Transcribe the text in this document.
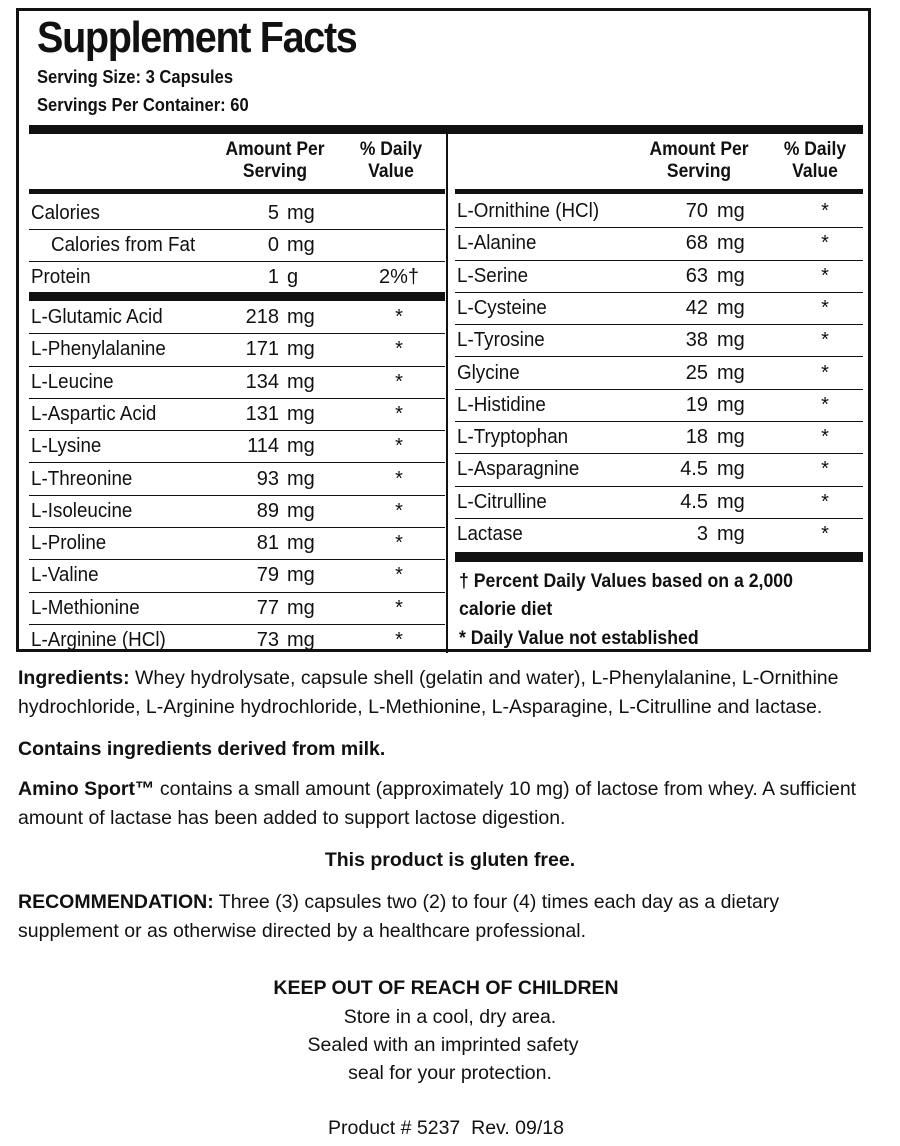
Supplement Facts
Serving Size: 3 Capsules
Servings Per Container: 60
Amount Per
Serving
% Daily
Value
Amount Per
Serving
% Daily
Value
Calories	5 mg
Calories from Fat	0 mg
Protein	1 g	2%†
L-Glutamic Acid	218 mg	*
L-Phenylalanine	171 mg	*
L-Leucine	134 mg	*
L-Aspartic Acid	131 mg	*
L-Lysine	114 mg	*
L-Threonine	93 mg	*
L-Isoleucine	89 mg	*
L-Proline	81 mg	*
L-Valine	79 mg	*
L-Methionine	77 mg	*
L-Arginine (HCl)	73 mg	*
L-Ornithine (HCl)	70 mg	*
L-Alanine	68 mg	*
L-Serine	63 mg	*
L-Cysteine	42 mg	*
L-Tyrosine	38 mg	*
Glycine	25 mg	*
L-Histidine	19 mg	*
L-Tryptophan	18 mg	*
L-Asparagnine	4.5 mg	*
L-Citrulline	4.5 mg	*
Lactase	3 mg	*
† Percent Daily Values based on a 2,000 calorie diet
* Daily Value not established

Ingredients: Whey hydrolysate, capsule shell (gelatin and water), L-Phenylalanine, L-Ornithine hydrochloride, L-Arginine hydrochloride, L-Methionine, L-Asparagine, L-Citrulline and lactase.

Contains ingredients derived from milk.

Amino Sport™ contains a small amount (approximately 10 mg) of lactose from whey. A sufficient amount of lactase has been added to support lactose digestion.

This product is gluten free.

RECOMMENDATION: Three (3) capsules two (2) to four (4) times each day as a dietary supplement or as otherwise directed by a healthcare professional.

KEEP OUT OF REACH OF CHILDREN
Store in a cool, dry area.
Sealed with an imprinted safety
seal for your protection.
Product # 5237  Rev. 09/18
